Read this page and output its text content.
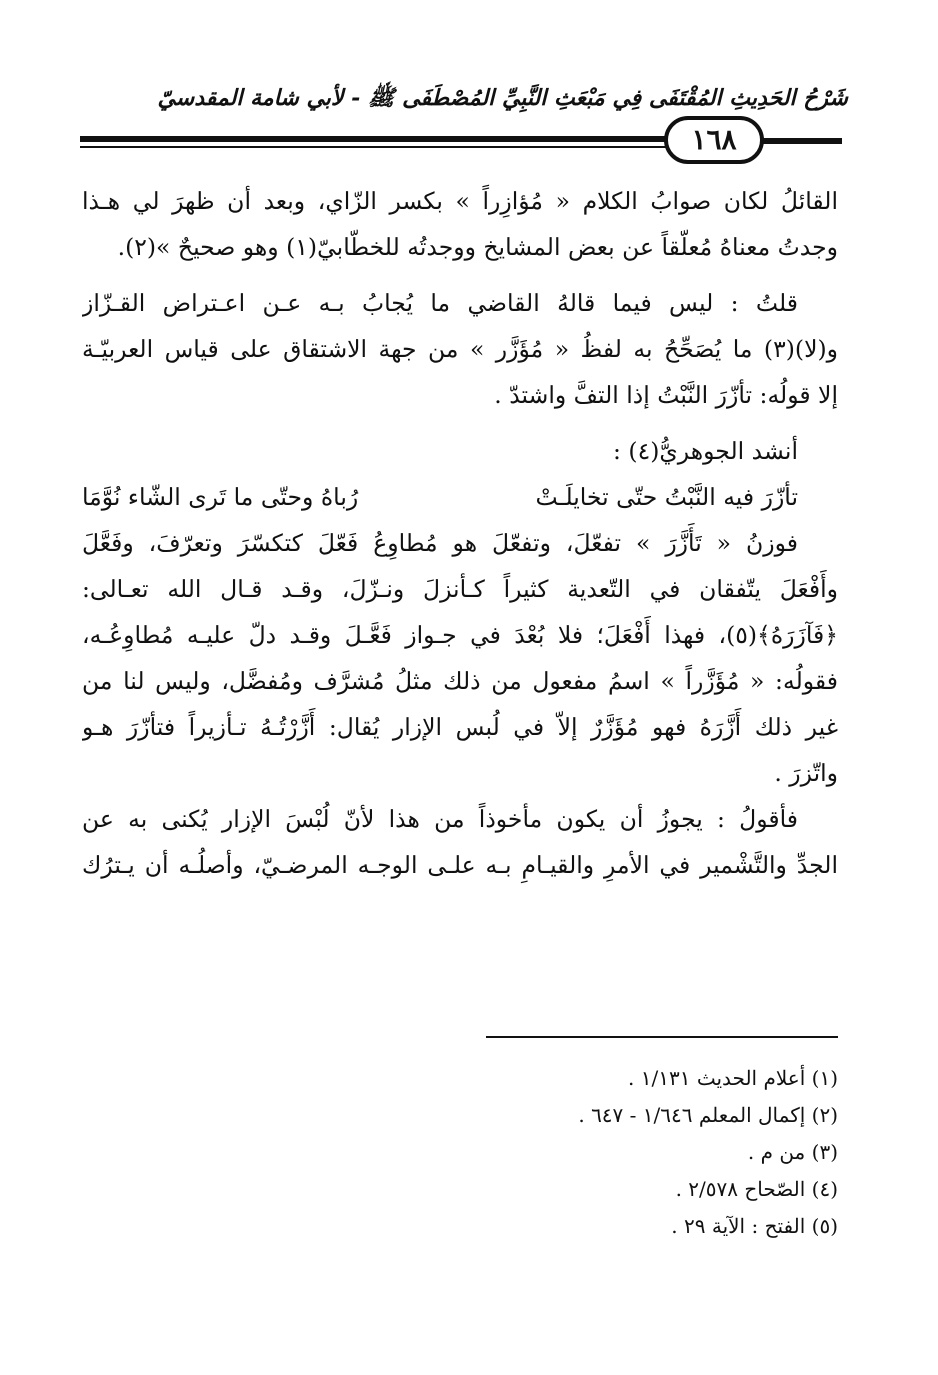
شَرْحُ الحَدِيثِ المُقْتَفَى فِي مَبْعَثِ النَّبِيِّ المُصْطَفَى ﷺ - لأبي شامة المقدسيّ
١٦٨
القائلُ لكان صوابُ الكلام « مُؤازِراً » بكسر الزّاي، وبعد أن ظهرَ لي هـذا
وجدتُ معناهُ مُعلّقاً عن بعض المشايخ ووجدتُه للخطّابيّ(١) وهو صحيحٌ »(٢).
قلتُ : ليس فيما قالهُ القاضي ما يُجابُ بـه عـن اعـتراض القـزّاز
و(لا)(٣) ما يُصَحِّحُ به لفظُ « مُؤَزَّر » من جهة الاشتقاق على قياس العربيّـة
إلا قولُه: تأزّرَ النَّبْتُ إذا التفَّ واشتدّ .
أنشد الجوهريُّ(٤) :
تأزّرَ فيه النَّبْتُ حتّى تخايلَـتْ
رُباهُ وحتّى ما تَرى الشّاء نُوَّمَا
فوزنُ « تَأَزَّرَ » تفعّلَ، وتفعّلَ هو مُطاوِعُ فَعّلَ كتكسّرَ وتعرّفَ، وفَعَّلَ
وأَفْعَلَ يتّفقان في التّعدية كثيراً كـأنزلَ ونـزّلَ، وقـد قـال الله تعـالى:
﴿فَآزَرَهُ﴾(٥)، فهذا أَفْعَلَ؛ فلا بُعْدَ في جـواز فَعَّـلَ وقـد دلّ عليـه مُطاوِعُـه،
فقولُه: « مُؤَزَّراً » اسمُ مفعول من ذلك مثلُ مُشرَّف ومُفضَّل، وليس لنا من
غير ذلك أَزَّرَهُ فهو مُؤَزَّرٌ إلاّ في لُبس الإزار يُقال: أَزَّرْتُـهُ تـأزيراً فتأزّرَ هـو
واتّزرَ .
فأقولُ : يجوزُ أن يكون مأخوذاً من هذا لأنّ لُبْسَ الإزار يُكنى به عن
الجدِّ والتَّشْمير في الأمرِ والقيـامِ بـه علـى الوجـه المرضـيّ، وأصلُـه أن يـترُك
(١) أعلام الحديث ١/١٣١ .
(٢) إكمال المعلم ١/٦٤٦ - ٦٤٧ .
(٣) من م .
(٤) الصّحاح ٢/٥٧٨ .
(٥) الفتح : الآية ٢٩ .
